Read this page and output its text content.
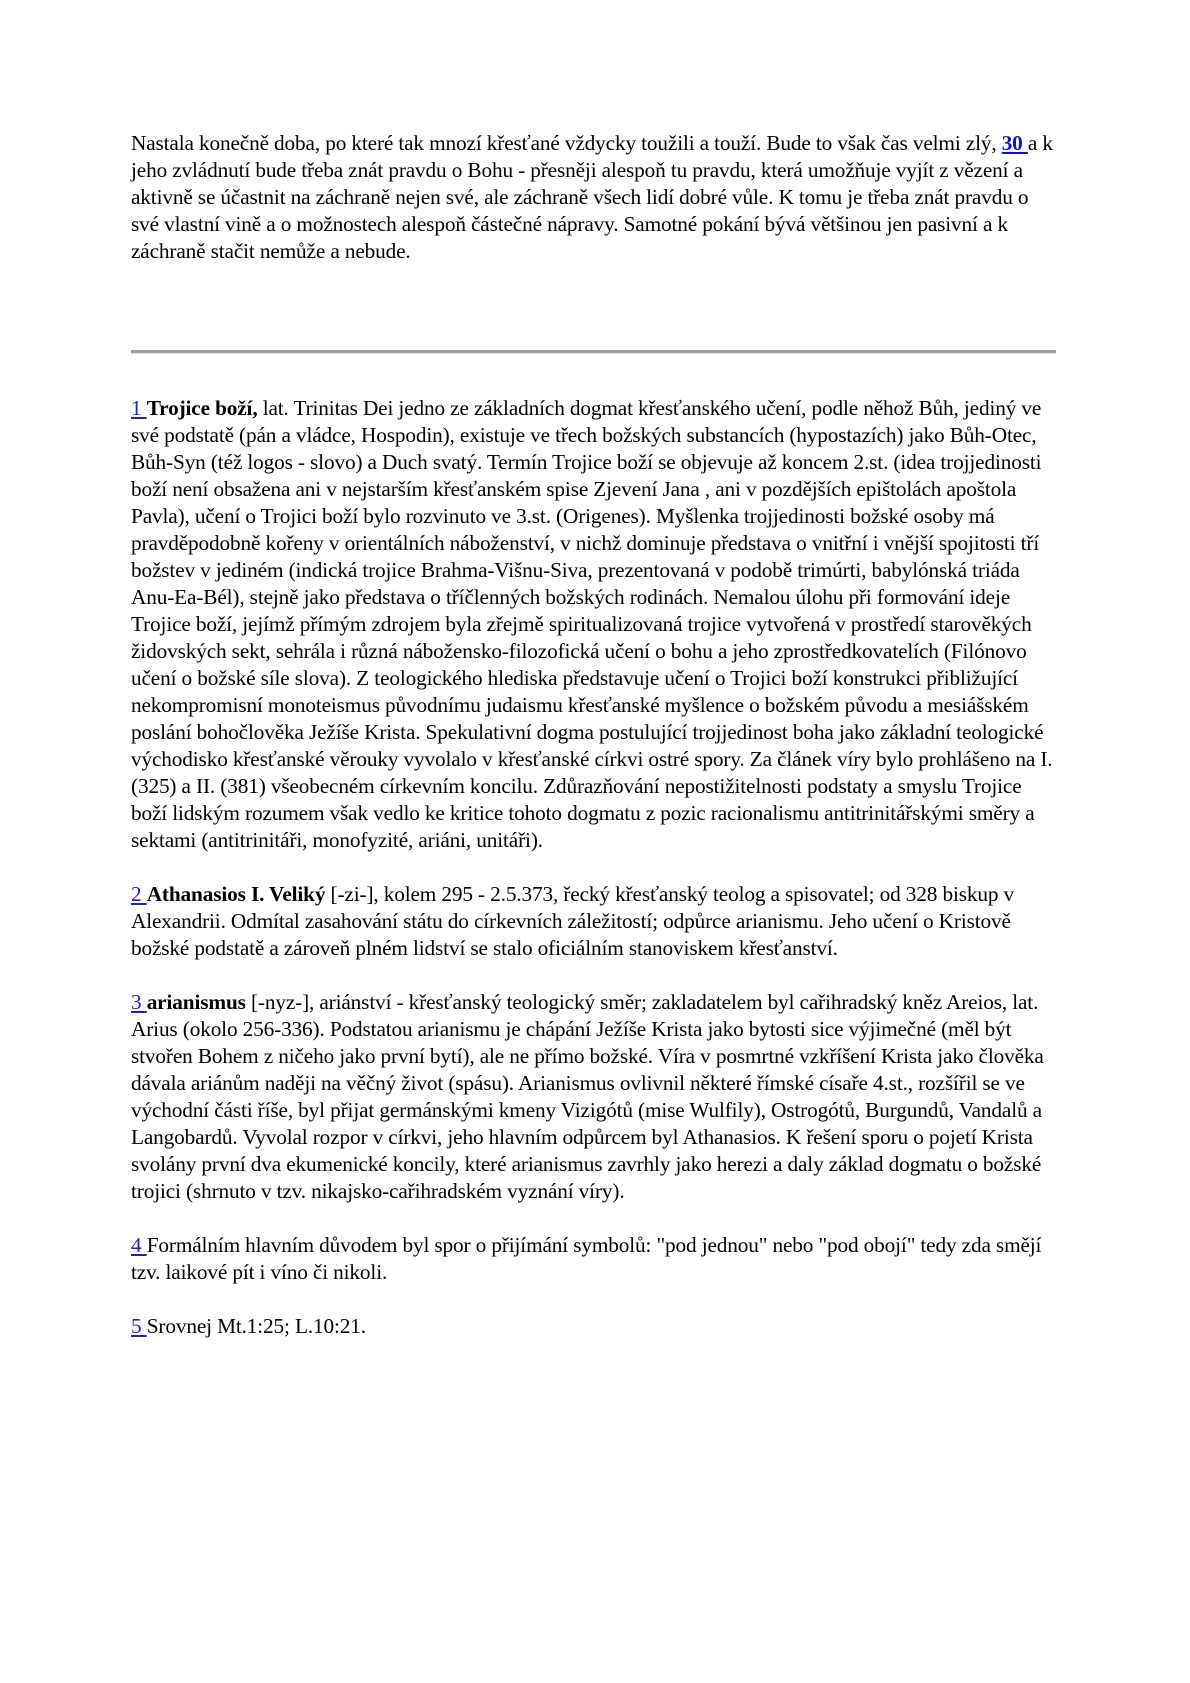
Nastala konečně doba, po které tak mnozí křesťané vždycky toužili a touží. Bude to však čas velmi zlý, 30 a k jeho zvládnutí bude třeba znát pravdu o Bohu - přesněji alespoň tu pravdu, která umožňuje vyjít z vězení a aktivně se účastnit na záchraně nejen své, ale záchraně všech lidí dobré vůle. K tomu je třeba znát pravdu o své vlastní vině a o možnostech alespoň částečné nápravy. Samotné pokání bývá většinou jen pasivní a k záchraně stačit nemůže a nebude.

1 Trojice boží, lat. Trinitas Dei jedno ze základních dogmat křesťanského učení, podle něhož Bůh, jediný ve své podstatě (pán a vládce, Hospodin), existuje ve třech božských substancích (hypostazích) jako Bůh-Otec, Bůh-Syn (též logos - slovo) a Duch svatý. Termín Trojice boží se objevuje až koncem 2.st. (idea trojjedinosti boží není obsažena ani v nejstarším křesťanském spise Zjevení Jana , ani v pozdějších epištolách apoštola Pavla), učení o Trojici boží bylo rozvinuto ve 3.st. (Origenes). Myšlenka trojjedinosti božské osoby má pravděpodobně kořeny v orientálních náboženství, v nichž dominuje představa o vnitřní i vnější spojitosti tří božstev v jediném (indická trojice Brahma-Višnu-Siva, prezentovaná v podobě trimúrti, babylónská triáda Anu-Ea-Bél), stejně jako představa o tříčlenných božských rodinách. Nemalou úlohu při formování ideje Trojice boží, jejímž přímým zdrojem byla zřejmě spiritualizovaná trojice vytvořená v prostředí starověkých židovských sekt, sehrála i různá nábožensko-filozofická učení o bohu a jeho zprostředkovatelích (Filónovo učení o božské síle slova). Z teologického hlediska představuje učení o Trojici boží konstrukci přibližující nekompromisní monoteismus původnímu judaismu křesťanské myšlence o božském původu a mesiášském poslání bohočlověka Ježíše Krista. Spekulativní dogma postulující trojjedinost boha jako základní teologické východisko křesťanské věrouky vyvolalo v křesťanské církvi ostré spory. Za článek víry bylo prohlášeno na I. (325) a II. (381) všeobecném církevním koncilu. Zdůrazňování nepostižitelnosti podstaty a smyslu Trojice boží lidským rozumem však vedlo ke kritice tohoto dogmatu z pozic racionalismu antitrinitářskými směry a sektami (antitrinitáři, monofyzité, ariáni, unitáři).

2 Athanasios I. Veliký [-zi-], kolem 295 - 2.5.373, řecký křesťanský teolog a spisovatel; od 328 biskup v Alexandrii. Odmítal zasahování státu do církevních záležitostí; odpůrce arianismu. Jeho učení o Kristově božské podstatě a zároveň plném lidství se stalo oficiálním stanoviskem křesťanství.

3 arianismus [-nyz-], ariánství - křesťanský teologický směr; zakladatelem byl cařihradský kněz Areios, lat. Arius (okolo 256-336). Podstatou arianismu je chápání Ježíše Krista jako bytosti sice výjimečné (měl být stvořen Bohem z ničeho jako první bytí), ale ne přímo božské. Víra v posmrtné vzkříšení Krista jako člověka dávala ariánům naději na věčný život (spásu). Arianismus ovlivnil některé římské císaře 4.st., rozšířil se ve východní části říše, byl přijat germánskými kmeny Vizigótů (mise Wulfily), Ostrogótů, Burgundů, Vandalů a Langobardů. Vyvolal rozpor v církvi, jeho hlavním odpůrcem byl Athanasios. K řešení sporu o pojetí Krista svolány první dva ekumenické koncily, které arianismus zavrhly jako herezi a daly základ dogmatu o božské trojici (shrnuto v tzv. nikajsko-cařihradském vyznání víry).

4 Formálním hlavním důvodem byl spor o přijímání symbolů: "pod jednou" nebo "pod obojí" tedy zda smějí tzv. laikové pít i víno či nikoli.

5 Srovnej Mt.1:25; L.10:21.
